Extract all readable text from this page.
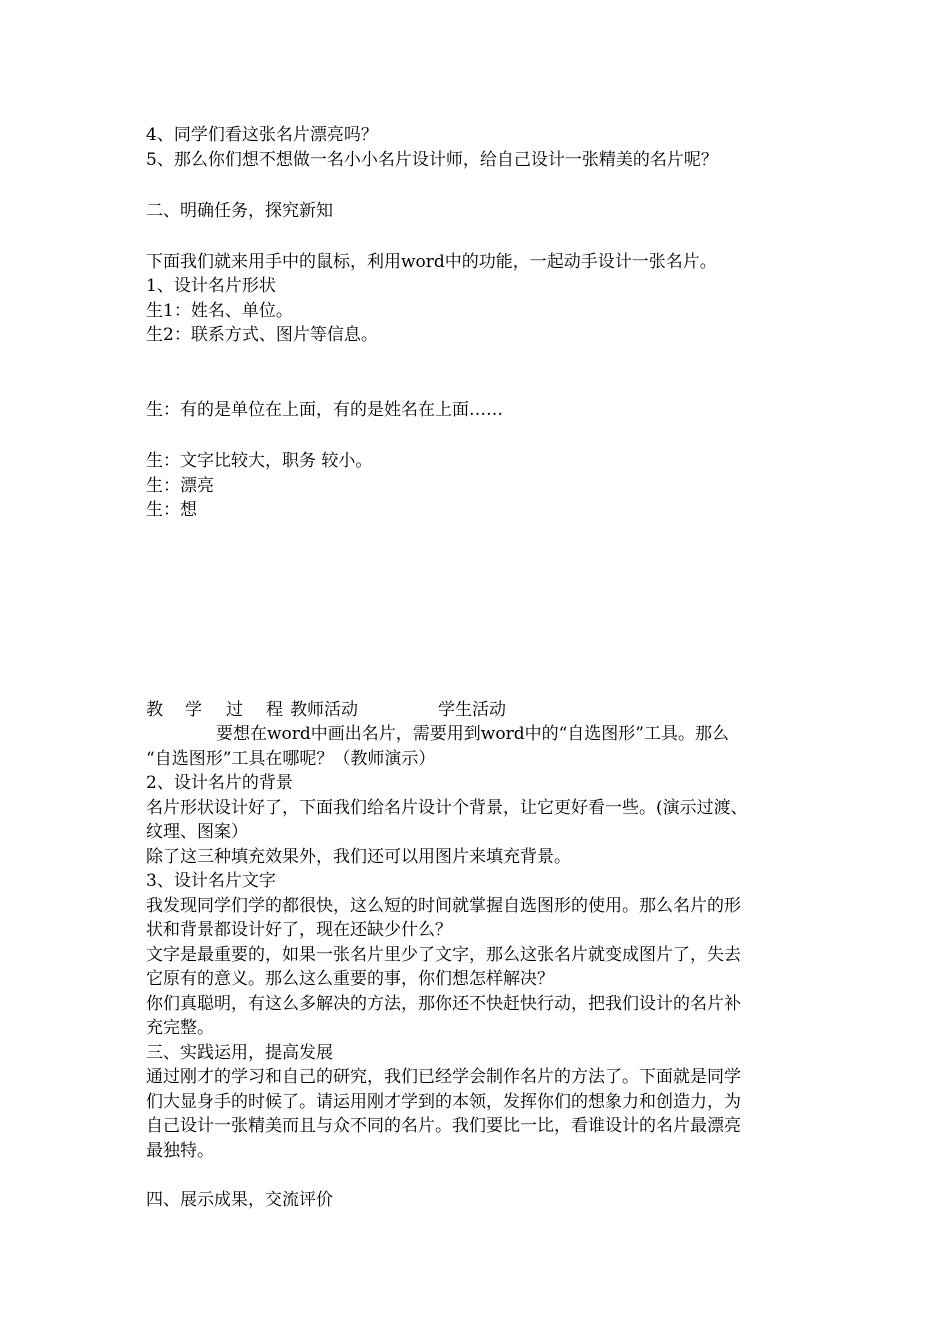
4、同学们看这张名片漂亮吗？
5、那么你们想不想做一名小小名片设计师，给自己设计一张精美的名片呢？
二、明确任务，探究新知
下面我们就来用手中的鼠标，利用word中的功能，一起动手设计一张名片。
1、设计名片形状
生1：姓名、单位。
生2：联系方式、图片等信息。
生：有的是单位在上面，有的是姓名在上面……
生：文字比较大，职务 较小。
生：漂亮
生：想
教 学 过 程 教师活动	学生活动
要想在word中画出名片，需要用到word中的“自选图形”工具。那么
“自选图形”工具在哪呢？（教师演示）
2、设计名片的背景
名片形状设计好了，下面我们给名片设计个背景，让它更好看一些。(演示过渡、
纹理、图案）
除了这三种填充效果外，我们还可以用图片来填充背景。
3、设计名片文字
我发现同学们学的都很快，这么短的时间就掌握自选图形的使用。那么名片的形
状和背景都设计好了，现在还缺少什么？
文字是最重要的，如果一张名片里少了文字，那么这张名片就变成图片了，失去
它原有的意义。那么这么重要的事，你们想怎样解决？
你们真聪明，有这么多解决的方法，那你还不快赶快行动，把我们设计的名片补
充完整。
三、实践运用，提高发展
通过刚才的学习和自己的研究，我们已经学会制作名片的方法了。下面就是同学
们大显身手的时候了。请运用刚才学到的本领，发挥你们的想象力和创造力，为
自己设计一张精美而且与众不同的名片。我们要比一比，看谁设计的名片最漂亮
最独特。
四、展示成果，交流评价
